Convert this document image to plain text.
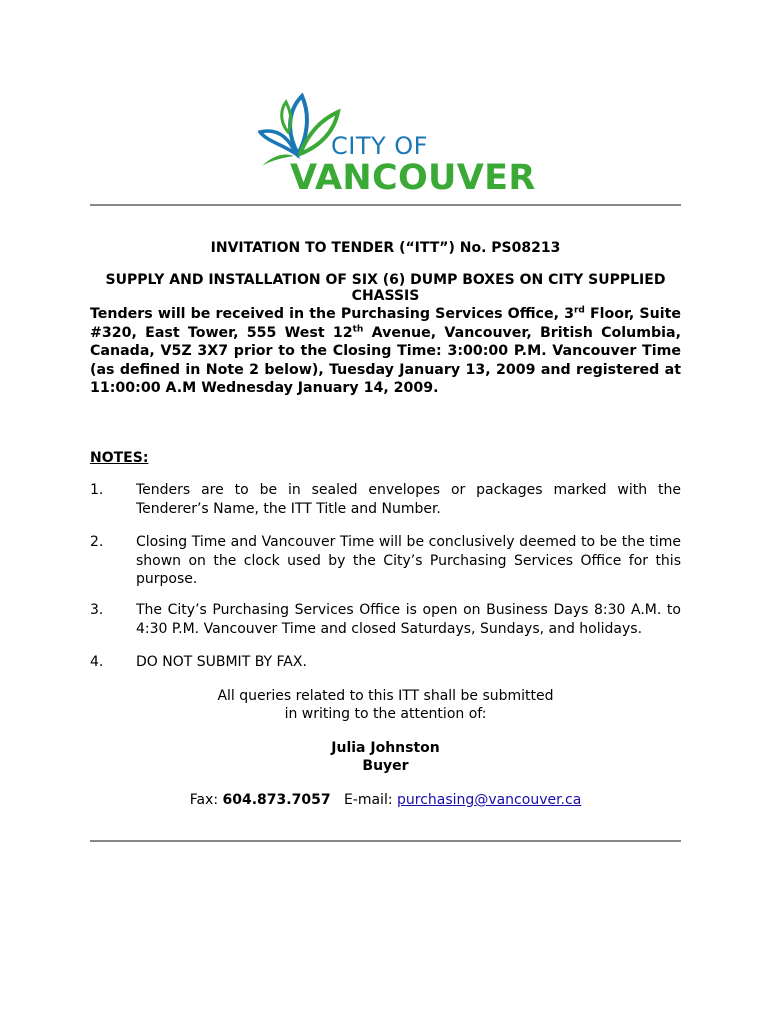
CITY OF
VANCOUVER
INVITATION TO TENDER (“ITT”) No. PS08213
SUPPLY AND INSTALLATION OF SIX (6) DUMP BOXES ON CITY SUPPLIED CHASSIS
Tenders will be received in the Purchasing Services Office, 3rd Floor, Suite #320, East Tower, 555 West 12th Avenue, Vancouver, British Columbia, Canada, V5Z 3X7 prior to the Closing Time: 3:00:00 P.M. Vancouver Time (as defined in Note 2 below), Tuesday January 13, 2009 and registered at 11:00:00 A.M Wednesday January 14, 2009.
NOTES:
1. Tenders are to be in sealed envelopes or packages marked with the Tenderer’s Name, the ITT Title and Number.
2. Closing Time and Vancouver Time will be conclusively deemed to be the time shown on the clock used by the City’s Purchasing Services Office for this purpose.
3. The City’s Purchasing Services Office is open on Business Days 8:30 A.M. to 4:30 P.M. Vancouver Time and closed Saturdays, Sundays, and holidays.
4. DO NOT SUBMIT BY FAX.
All queries related to this ITT shall be submitted
in writing to the attention of:
Julia Johnston
Buyer
Fax: 604.873.7057 E-mail: purchasing@vancouver.ca
